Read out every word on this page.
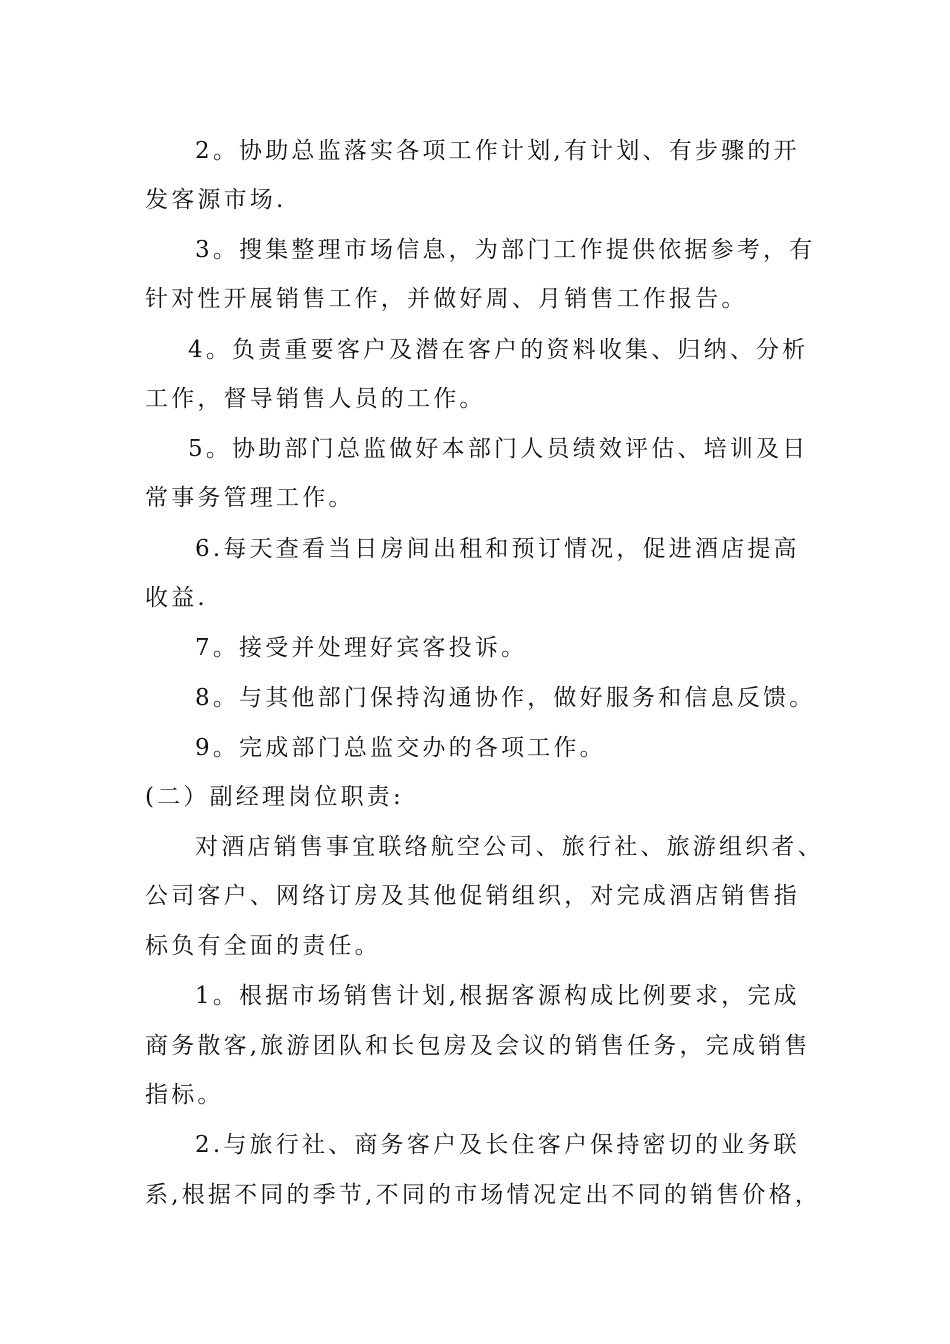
2。协助总监落实各项工作计划,有计划、有步骤的开
发客源市场.
3。搜集整理市场信息，为部门工作提供依据参考，有
针对性开展销售工作，并做好周、月销售工作报告。
4。负责重要客户及潜在客户的资料收集、归纳、分析
工作，督导销售人员的工作。
5。协助部门总监做好本部门人员绩效评估、培训及日
常事务管理工作。
6.每天查看当日房间出租和预订情况，促进酒店提高
收益.
7。接受并处理好宾客投诉。
8。与其他部门保持沟通协作，做好服务和信息反馈。
9。完成部门总监交办的各项工作。
(二）副经理岗位职责:
对酒店销售事宜联络航空公司、旅行社、旅游组织者、
公司客户、网络订房及其他促销组织，对完成酒店销售指
标负有全面的责任。
1。根据市场销售计划,根据客源构成比例要求，完成
商务散客,旅游团队和长包房及会议的销售任务，完成销售
指标。
2.与旅行社、商务客户及长住客户保持密切的业务联
系,根据不同的季节,不同的市场情况定出不同的销售价格，
